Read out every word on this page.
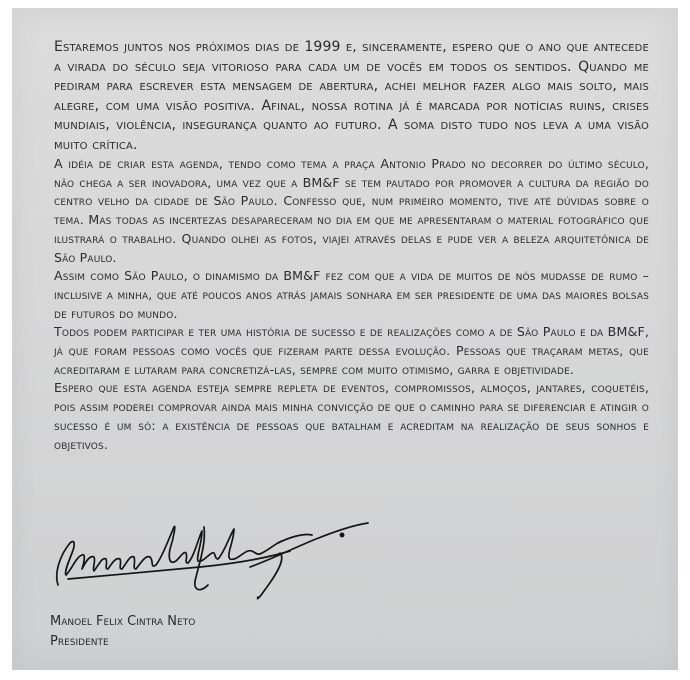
Estaremos juntos nos próximos dias de 1999 e, sinceramente, espero que o ano que antecede a virada do século seja vitorioso para cada um de vocês em todos os sentidos. Quando me pediram para escrever esta mensagem de abertura, achei melhor fazer algo mais solto, mais alegre, com uma visão positiva. Afinal, nossa rotina já é marcada por notícias ruins, crises mundiais, violência, insegurança quanto ao futuro. A soma disto tudo nos leva a uma visão muito crítica.

A idéia de criar esta agenda, tendo como tema a praça Antonio Prado no decorrer do último século, não chega a ser inovadora, uma vez que a BM&F se tem pautado por promover a cultura da região do centro velho da cidade de São Paulo. Confesso que, num primeiro momento, tive até dúvidas sobre o tema. Mas todas as incertezas desapareceram no dia em que me apresentaram o material fotográfico que ilustrará o trabalho. Quando olhei as fotos, viajei através delas e pude ver a beleza arquitetônica de São Paulo.

Assim como São Paulo, o dinamismo da BM&F fez com que a vida de muitos de nós mudasse de rumo – inclusive a minha, que até poucos anos atrás jamais sonhara em ser presidente de uma das maiores bolsas de futuros do mundo.

Todos podem participar e ter uma história de sucesso e de realizações como a de São Paulo e da BM&F, já que foram pessoas como vocês que fizeram parte dessa evolução. Pessoas que traçaram metas, que acreditaram e lutaram para concretizá-las, sempre com muito otimismo, garra e objetividade.

Espero que esta agenda esteja sempre repleta de eventos, compromissos, almoços, jantares, coquetéis, pois assim poderei comprovar ainda mais minha convicção de que o caminho para se diferenciar e atingir o sucesso é um só: a existência de pessoas que batalham e acreditam na realização de seus sonhos e objetivos.

Manoel Felix Cintra Neto
Presidente
